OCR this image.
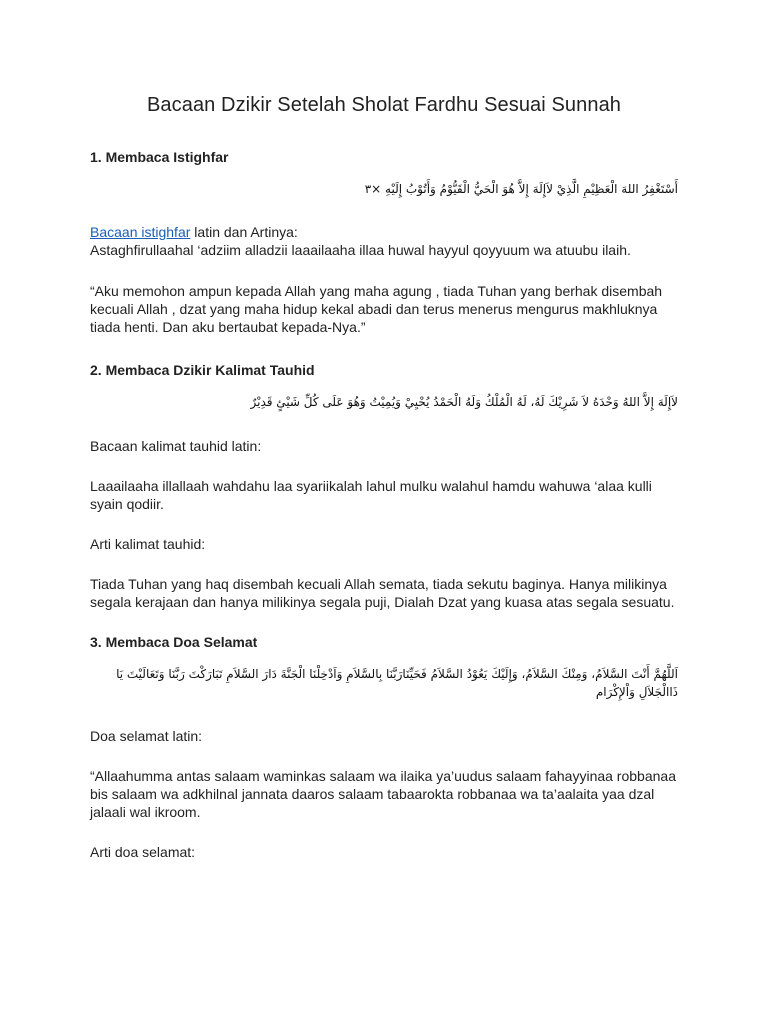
Bacaan Dzikir Setelah Sholat Fardhu Sesuai Sunnah
1. Membaca Istighfar

أَسْتَغْفِرُ اللهَ الْعَظِيْمِ الَّذِيْ لاَإِلَهَ إِلاَّ هُوَ الْحَيُّ الْقَيُّوْمُ وَأَتُوْبُ إِلَيْهِ ×٣

Bacaan istighfar latin dan Artinya:

Astaghfirullaahal ‘adziim alladzii laaailaaha illaa huwal hayyul qoyyuum wa atuubu ilaih.

“Aku memohon ampun kepada Allah yang maha agung , tiada Tuhan yang berhak disembah kecuali Allah , dzat yang maha hidup kekal abadi dan terus menerus mengurus makhluknya tiada henti. Dan aku bertaubat kepada-Nya.”

2. Membaca Dzikir Kalimat Tauhid

لاَإِلَهَ إِلاَّ اللهُ وَحْدَهُ لاَ شَرِيْكَ لَهُ، لَهُ الْمُلْكُ وَلَهُ الْحَمْدُ يُحْيِيْ وَيُمِيْتُ وَهُوَ عَلَى كُلِّ شَيْئٍ قَدِيْرٌ

Bacaan kalimat tauhid latin:

Laaailaaha illallaah wahdahu laa syariikalah lahul mulku walahul hamdu wahuwa ‘alaa kulli syain qodiir.

Arti kalimat tauhid:

Tiada Tuhan yang haq disembah kecuali Allah semata, tiada sekutu baginya. Hanya milikinya segala kerajaan dan hanya milikinya segala puji, Dialah Dzat yang kuasa atas segala sesuatu.

3. Membaca Doa Selamat

اَللَّهُمَّ أَنْتَ السَّلاَمُ، وَمِنْكَ السَّلاَمُ، وَإِلَيْكَ يَعُوْدُ السَّلاَمُ فَحَيِّنَارَبَّنَا بِالسَّلاَمِ وَاَدْخِلْنَا الْجَنَّةَ دَارَ السَّلاَمِ تَبَارَكْتَ رَبَّنَا وَتَعَالَيْتَ يَا ذَاالْجَلاَلِ وَاْلإِكْرَام

Doa selamat latin:

“Allaahumma antas salaam waminkas salaam wa ilaika ya’uudus salaam fahayyinaa robbanaa bis salaam wa adkhilnal jannata daaros salaam tabaarokta robbanaa wa ta’aalaita yaa dzal jalaali wal ikroom.

Arti doa selamat:
